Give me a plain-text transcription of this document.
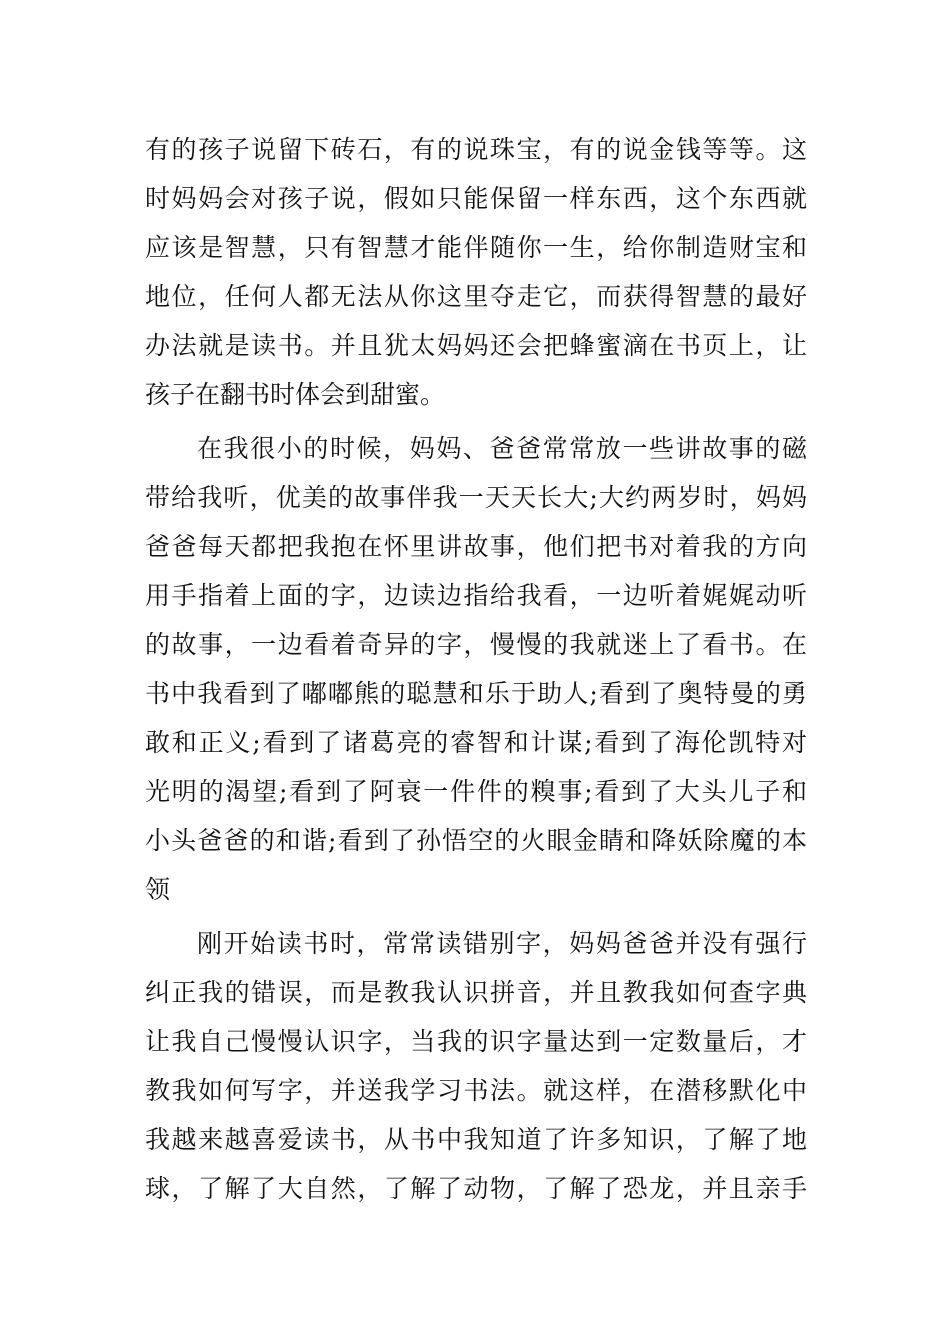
有的孩子说留下砖石，有的说珠宝，有的说金钱等等。这
时妈妈会对孩子说，假如只能保留一样东西，这个东西就
应该是智慧，只有智慧才能伴随你一生，给你制造财宝和
地位，任何人都无法从你这里夺走它，而获得智慧的最好
办法就是读书。并且犹太妈妈还会把蜂蜜滴在书页上，让
孩子在翻书时体会到甜蜜。
在我很小的时候，妈妈、爸爸常常放一些讲故事的磁
带给我听，优美的故事伴我一天天长大;大约两岁时，妈妈
爸爸每天都把我抱在怀里讲故事，他们把书对着我的方向
用手指着上面的字，边读边指给我看，一边听着娓娓动听
的故事，一边看着奇异的字，慢慢的我就迷上了看书。在
书中我看到了嘟嘟熊的聪慧和乐于助人;看到了奥特曼的勇
敢和正义;看到了诸葛亮的睿智和计谋;看到了海伦凯特对
光明的渴望;看到了阿衰一件件的糗事;看到了大头儿子和
小头爸爸的和谐;看到了孙悟空的火眼金睛和降妖除魔的本
领
刚开始读书时，常常读错别字，妈妈爸爸并没有强行
纠正我的错误，而是教我认识拼音，并且教我如何查字典
让我自己慢慢认识字，当我的识字量达到一定数量后，才
教我如何写字，并送我学习书法。就这样，在潜移默化中
我越来越喜爱读书，从书中我知道了许多知识，了解了地
球，了解了大自然，了解了动物，了解了恐龙，并且亲手
